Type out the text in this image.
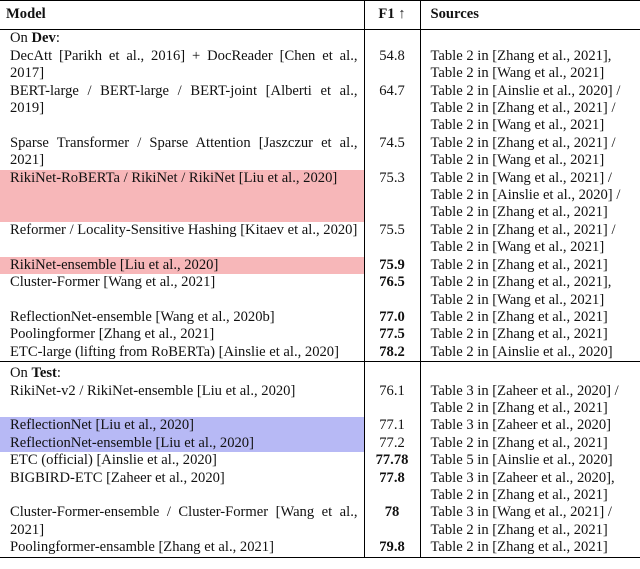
Model	F1 ↑	Sources
On Dev:		
DecAtt [Parikh et al., 2016] + DocReader [Chen et al., 2017]	54.8	Table 2 in [Zhang et al., 2021], Table 2 in [Wang et al., 2021]
BERT-large / BERT-large / BERT-joint [Alberti et al., 2019]	64.7	Table 2 in [Ainslie et al., 2020] / Table 2 in [Zhang et al., 2021] / Table 2 in [Wang et al., 2021]
Sparse Transformer / Sparse Attention [Jaszczur et al., 2021]	74.5	Table 2 in [Zhang et al., 2021] / Table 2 in [Wang et al., 2021]
RikiNet-RoBERTa / RikiNet / RikiNet [Liu et al., 2020]	75.3	Table 2 in [Wang et al., 2021] / Table 2 in [Ainslie et al., 2020] / Table 2 in [Zhang et al., 2021]
Reformer / Locality-Sensitive Hashing [Kitaev et al., 2020]	75.5	Table 2 in [Zhang et al., 2021] / Table 2 in [Wang et al., 2021]
RikiNet-ensemble [Liu et al., 2020]	75.9	Table 2 in [Zhang et al., 2021]
Cluster-Former [Wang et al., 2021]	76.5	Table 2 in [Zhang et al., 2021], Table 2 in [Wang et al., 2021]
ReflectionNet-ensemble [Wang et al., 2020b]	77.0	Table 2 in [Zhang et al., 2021]
Poolingformer [Zhang et al., 2021]	77.5	Table 2 in [Zhang et al., 2021]
ETC-large (lifting from RoBERTa) [Ainslie et al., 2020]	78.2	Table 2 in [Ainslie et al., 2020]

On Test:		
RikiNet-v2 / RikiNet-ensemble [Liu et al., 2020]	76.1	Table 3 in [Zaheer et al., 2020] / Table 2 in [Zhang et al., 2021]
ReflectionNet [Liu et al., 2020]	77.1	Table 3 in [Zaheer et al., 2020]
ReflectionNet-ensemble [Liu et al., 2020]	77.2	Table 2 in [Zhang et al., 2021]
ETC (official) [Ainslie et al., 2020]	77.78	Table 5 in [Ainslie et al., 2020]
BIGBIRD-ETC [Zaheer et al., 2020]	77.8	Table 3 in [Zaheer et al., 2020], Table 2 in [Zhang et al., 2021]
Cluster-Former-ensemble / Cluster-Former [Wang et al., 2021]	78	Table 3 in [Wang et al., 2021] / Table 2 in [Zhang et al., 2021]
Poolingformer-ensamble [Zhang et al., 2021]	79.8	Table 2 in [Zhang et al., 2021]
